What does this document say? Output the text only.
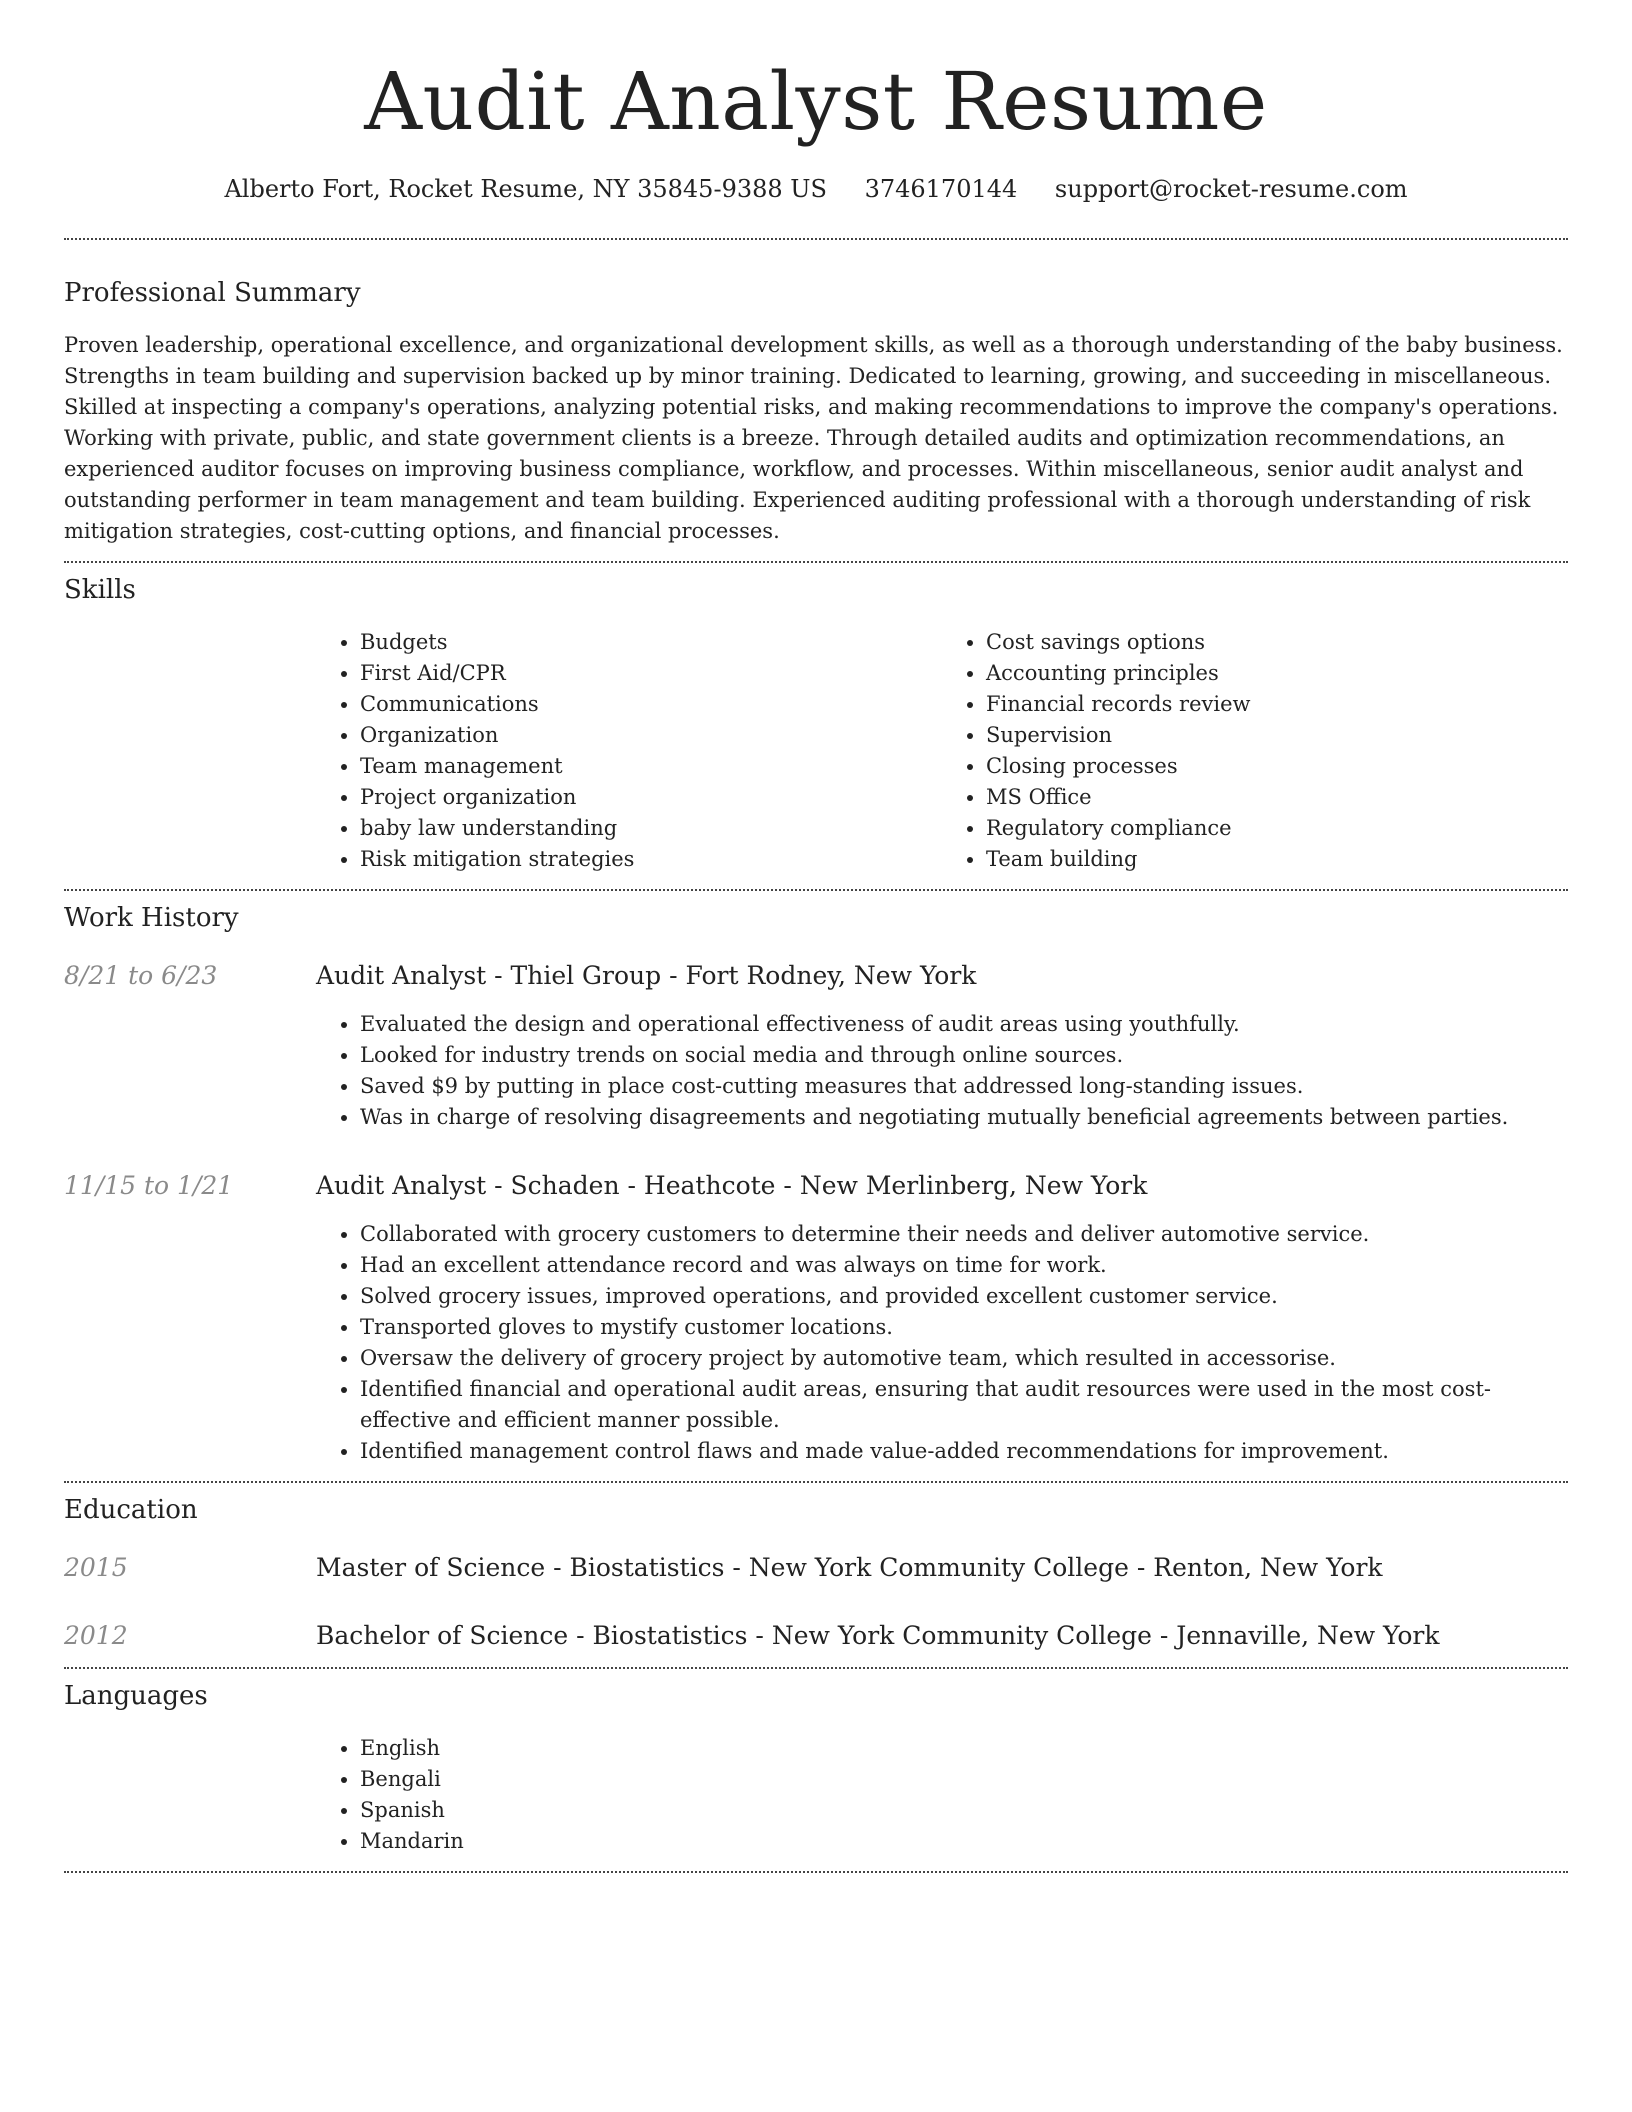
Audit Analyst Resume
Alberto Fort, Rocket Resume, NY 35845-9388 US 3746170144 support@rocket-resume.com
Professional Summary

Proven leadership, operational excellence, and organizational development skills, as well as a thorough understanding of the baby business. Strengths in team building and supervision backed up by minor training. Dedicated to learning, growing, and succeeding in miscellaneous. Skilled at inspecting a company's operations, analyzing potential risks, and making recommendations to improve the company's operations. Working with private, public, and state government clients is a breeze. Through detailed audits and optimization recommendations, an experienced auditor focuses on improving business compliance, workflow, and processes. Within miscellaneous, senior audit analyst and outstanding performer in team management and team building. Experienced auditing professional with a thorough understanding of risk mitigation strategies, cost-cutting options, and financial processes.

Skills
• Budgets
• First Aid/CPR
• Communications
• Organization
• Team management
• Project organization
• baby law understanding
• Risk mitigation strategies
• Cost savings options
• Accounting principles
• Financial records review
• Supervision
• Closing processes
• MS Office
• Regulatory compliance
• Team building
Work History
8/21 to 6/23	Audit Analyst - Thiel Group - Fort Rodney, New York
• Evaluated the design and operational effectiveness of audit areas using youthfully.
• Looked for industry trends on social media and through online sources.
• Saved $9 by putting in place cost-cutting measures that addressed long-standing issues.
• Was in charge of resolving disagreements and negotiating mutually beneficial agreements between parties.
11/15 to 1/21	Audit Analyst - Schaden - Heathcote - New Merlinberg, New York
• Collaborated with grocery customers to determine their needs and deliver automotive service.
• Had an excellent attendance record and was always on time for work.
• Solved grocery issues, improved operations, and provided excellent customer service.
• Transported gloves to mystify customer locations.
• Oversaw the delivery of grocery project by automotive team, which resulted in accessorise.
• Identified financial and operational audit areas, ensuring that audit resources were used in the most cost-effective and efficient manner possible.
• Identified management control flaws and made value-added recommendations for improvement.
Education
2015	Master of Science - Biostatistics - New York Community College - Renton, New York
2012	Bachelor of Science - Biostatistics - New York Community College - Jennaville, New York
Languages
• English
• Bengali
• Spanish
• Mandarin
